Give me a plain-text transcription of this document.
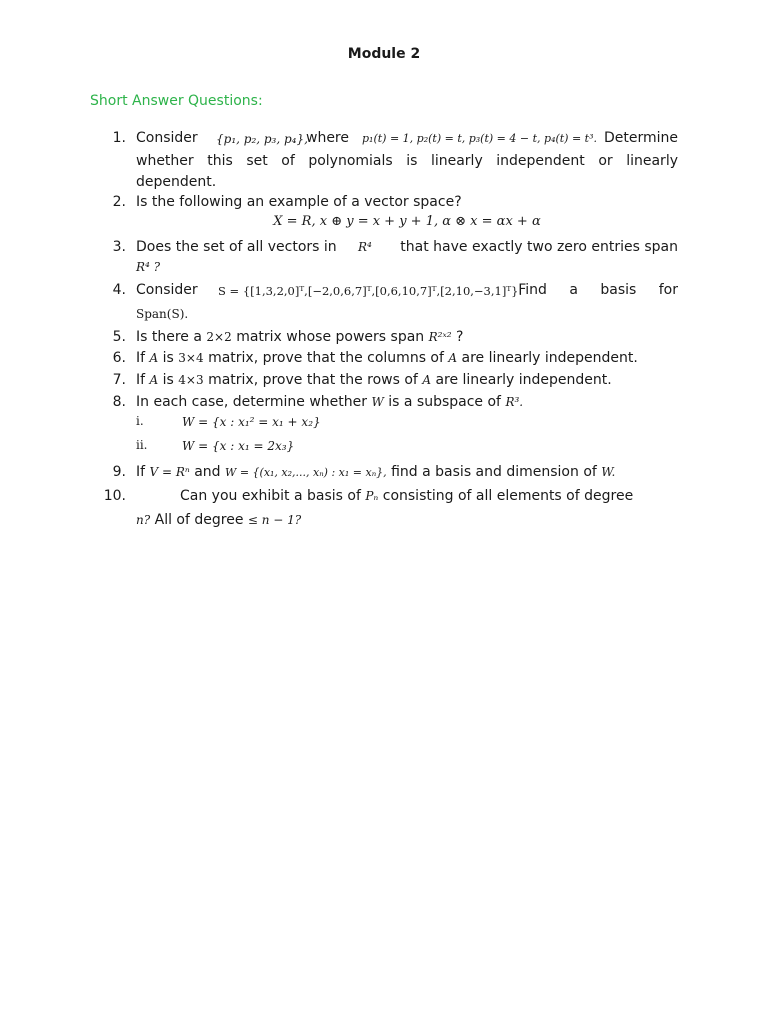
Module 2
Short Answer Questions:
1. Consider {p₁, p₂, p₃, p₄},
where p₁(t) = 1, p₂(t) = t, p₃(t) = 4 − t, p₄(t) = t³. Determine
whether this set of polynomials is linearly independent or linearly
dependent.
2. Is the following an example of a vector space?
X = R, x ⊕ y = x + y + 1, α ⊗ x = αx + α
3. Does the set of all vectors in R⁴ that have exactly two zero entries span
R⁴ ?
4. Consider S = {[1,3,2,0]ᵀ,[−2,0,6,7]ᵀ,[0,6,10,7]ᵀ,[2,10,−3,1]ᵀ}.
Find a basis for
Span(S).
5. Is there a 2×2 matrix whose powers span R²ˣ² ?
6. If A is 3×4 matrix, prove that the columns of A are linearly independent.
7. If A is 4×3 matrix, prove that the rows of A are linearly independent.
8. In each case, determine whether W is a subspace of R³.
i.	W = {x : x₁² = x₁ + x₂}
ii.	W = {x : x₁ = 2x₃}
9. If V = Rⁿ and W = {(x₁, x₂,..., xₙ) : x₁ = xₙ}, find a basis and dimension of W.
10.	Can you exhibit a basis of Pₙ consisting of all elements of degree
n? All of degree ≤ n − 1?
